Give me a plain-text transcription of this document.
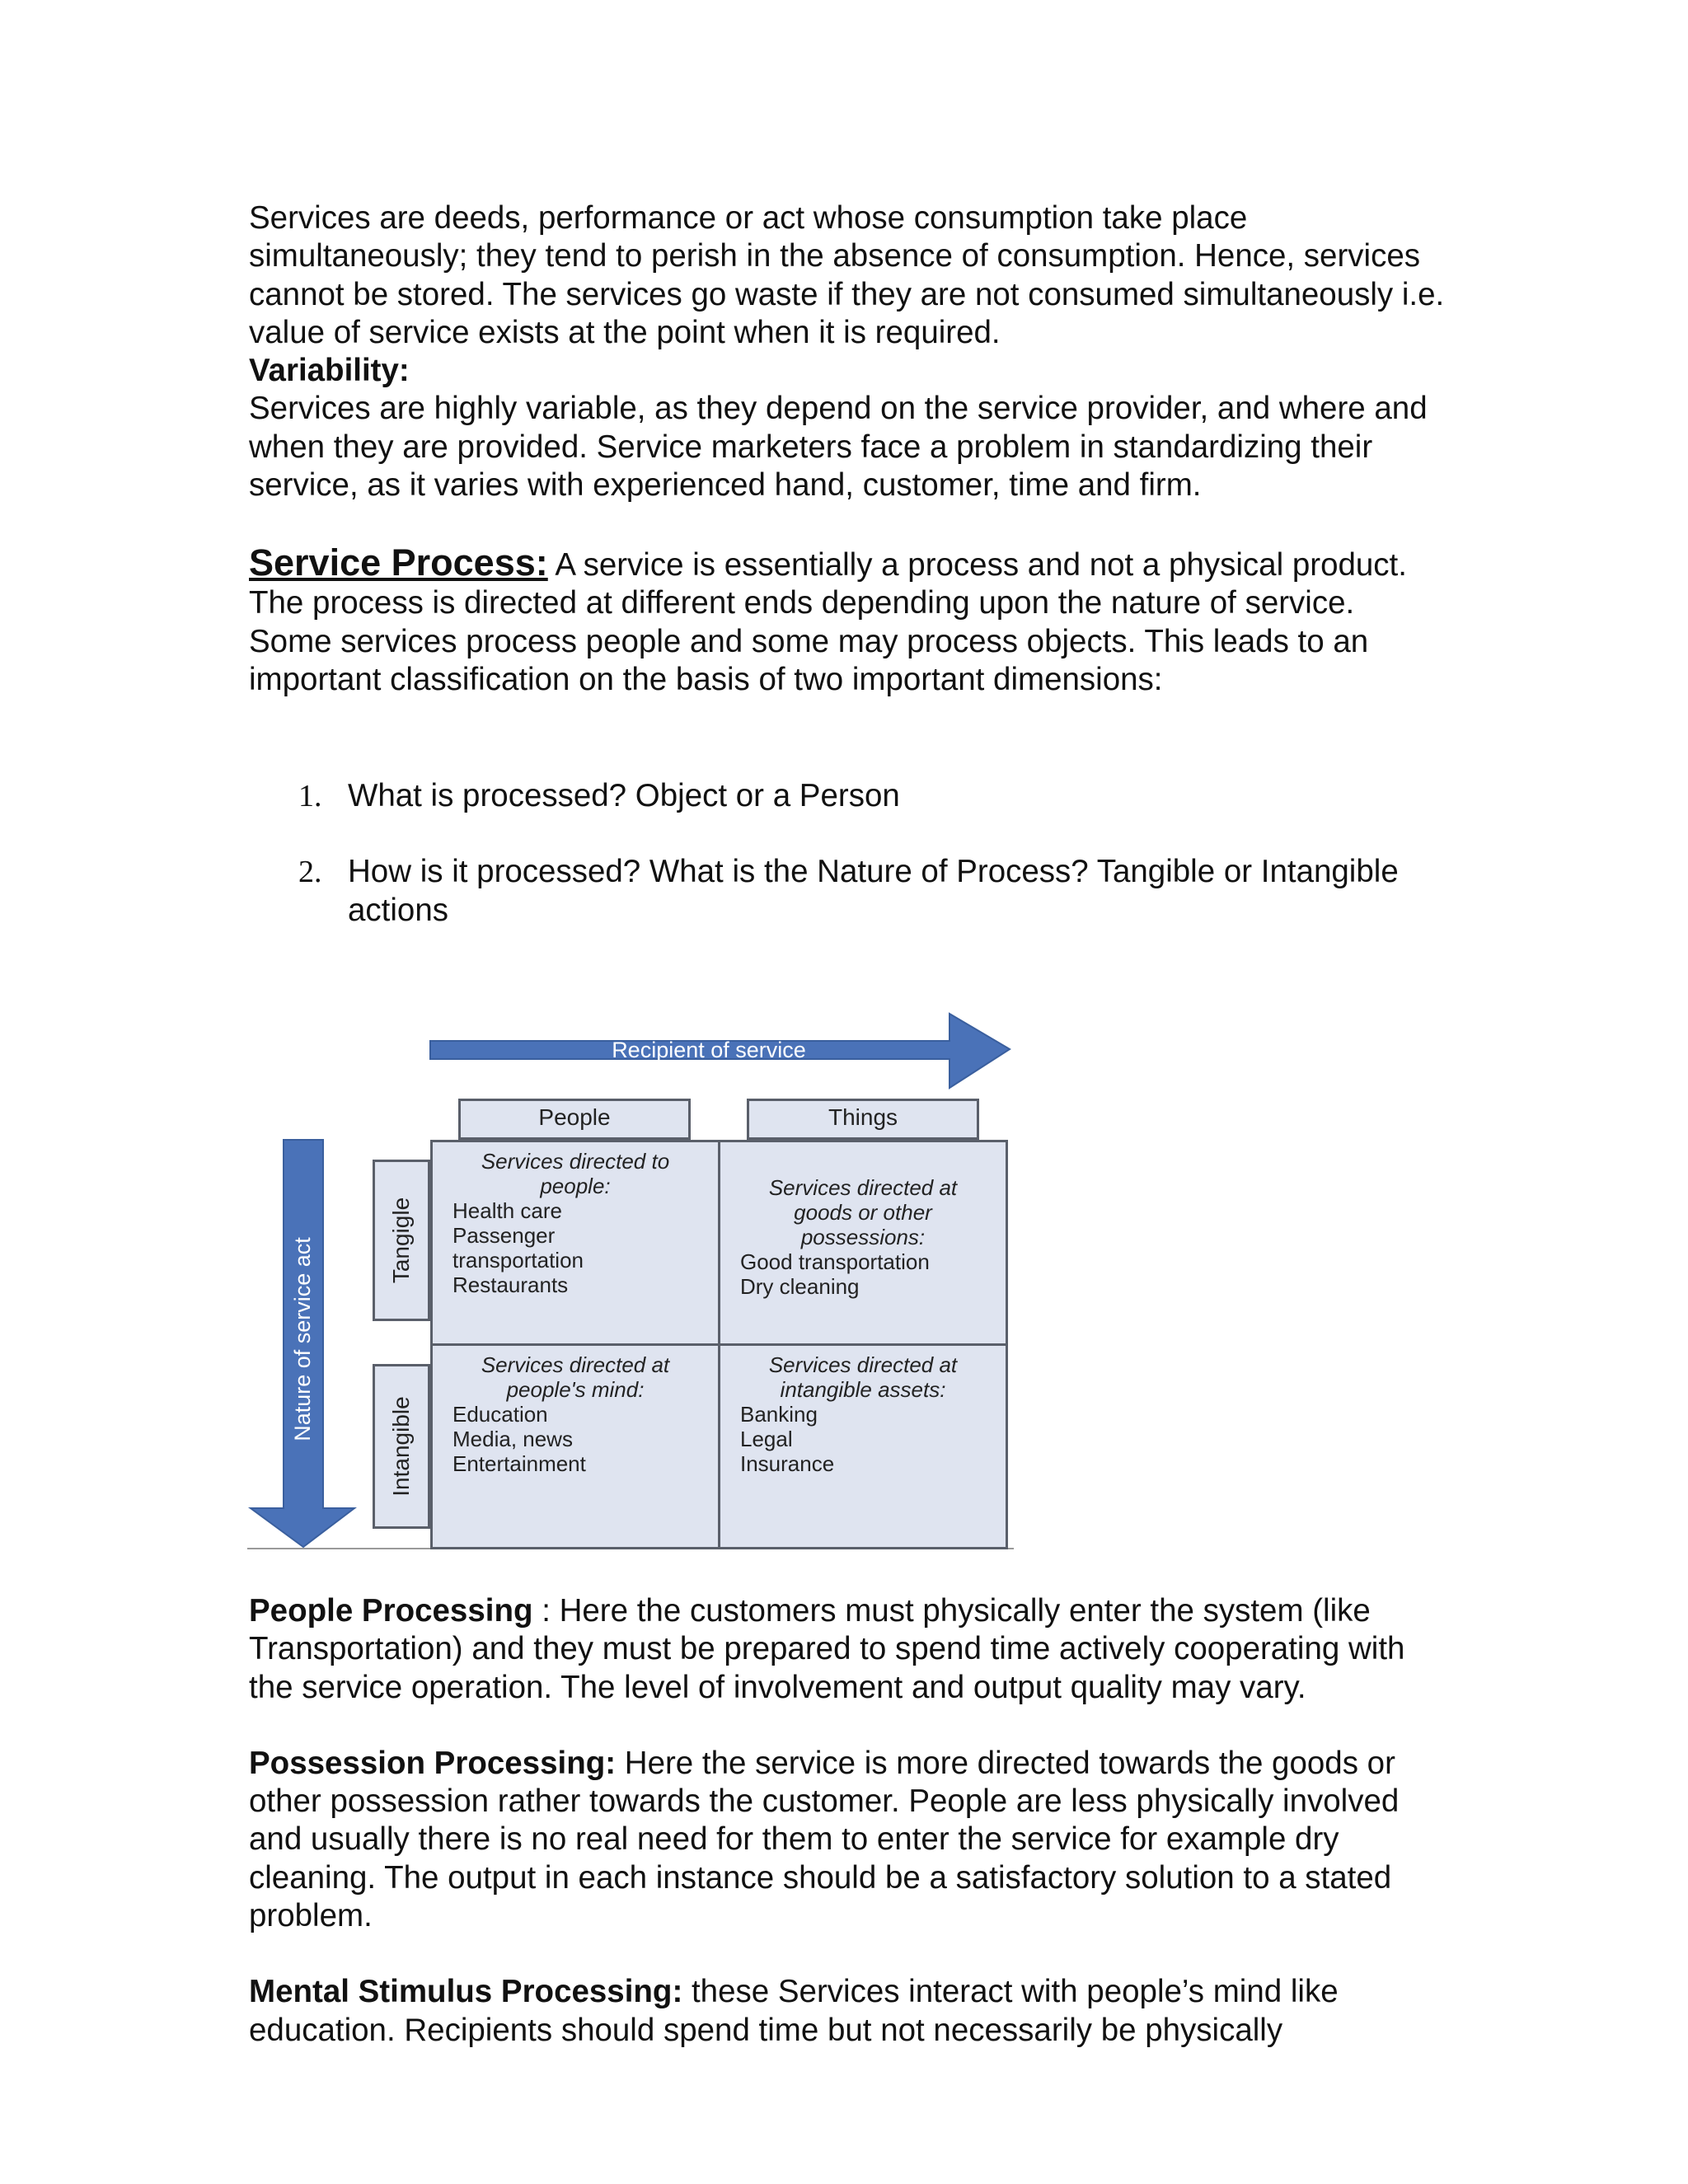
Services are deeds, performance or act whose consumption take place simultaneously; they tend to perish in the absence of consumption. Hence, services cannot be stored. The services go waste if they are not consumed simultaneously i.e. value of service exists at the point when it is required.

Variability:

Services are highly variable, as they depend on the service provider, and where and when they are provided. Service marketers face a problem in standardizing their service, as it varies with experienced hand, customer, time and firm.

Service Process: A service is essentially a process and not a physical product. The process is directed at different ends depending upon the nature of service.

Some services process people and some may process objects. This leads to an important classification on the basis of two important dimensions:

1. What is processed? Object or a Person
2. How is it processed? What is the Nature of Process? Tangible or Intangible actions
Recipient of service
Nature of service act
People	Things
Tangigle
Intangible
Services directed to
people:
Health care
Passenger
transportation
Restaurants
Services directed at
goods or other
possessions:
Good transportation
Dry cleaning
Services directed at
people's mind:
Education
Media, news
Entertainment
Services directed at
intangible assets:
Banking
Legal
Insurance

People Processing : Here the customers must physically enter the system (like Transportation) and they must be prepared to spend time actively cooperating with the service operation. The level of involvement and output quality may vary.

Possession Processing: Here the service is more directed towards the goods or other possession rather towards the customer. People are less physically involved and usually there is no real need for them to enter the service for example dry cleaning. The output in each instance should be a satisfactory solution to a stated problem.

Mental Stimulus Processing: these Services interact with people’s mind like education. Recipients should spend time but not necessarily be physically
